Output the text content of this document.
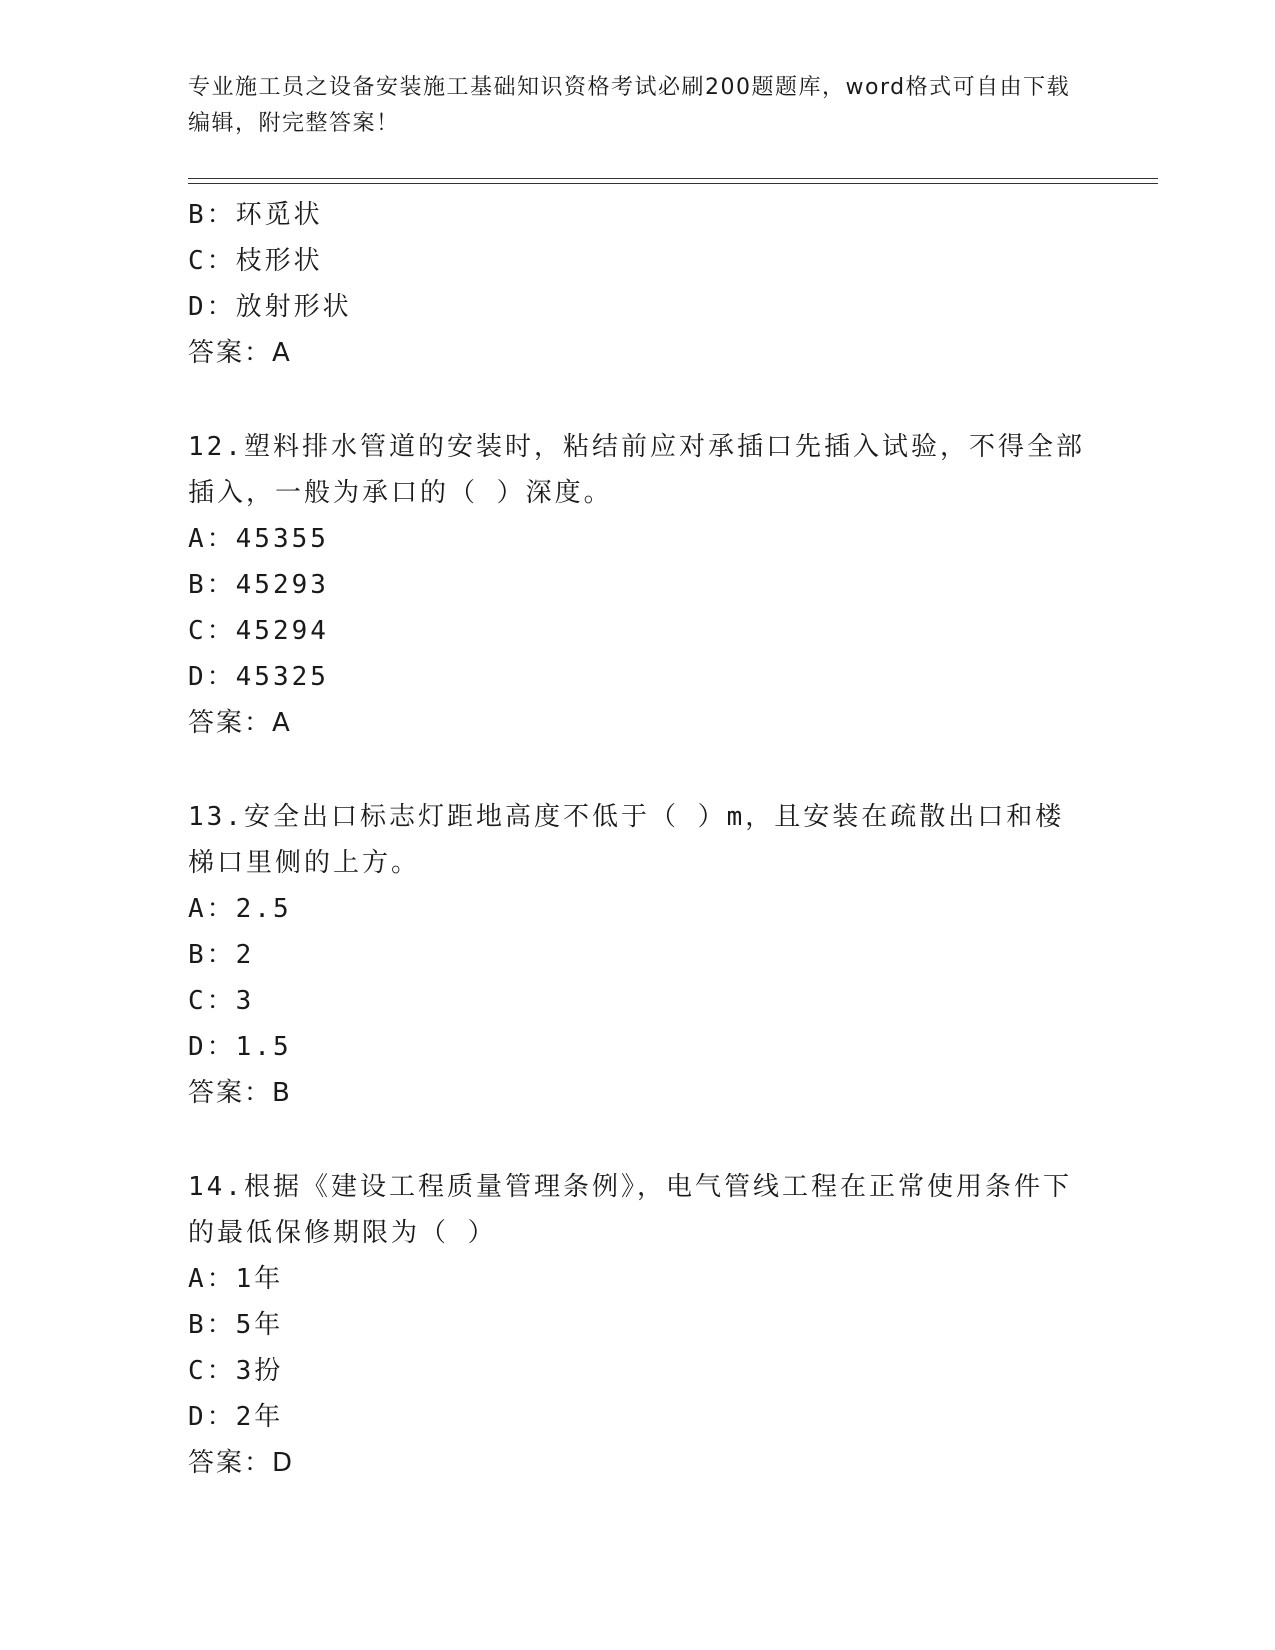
专业施工员之设备安装施工基础知识资格考试必刷200题题库，word格式可自由下载编辑，附完整答案！

B：环觅状
C：枝形状
D：放射形状
答案：A

12.塑料排水管道的安装时，粘结前应对承插口先插入试验，不得全部插入，一般为承口的（ ）深度。

A：45355
B：45293
C：45294
D：45325
答案：A

13.安全出口标志灯距地高度不低于（ ）m，且安装在疏散出口和楼梯口里侧的上方。

A：2.5
B：2
C：3
D：1.5
答案：B

14.根据《建设工程质量管理条例》，电气管线工程在正常使用条件下的最低保修期限为（ ）

A：1年
B：5年
C：3扮
D：2年
答案：D
